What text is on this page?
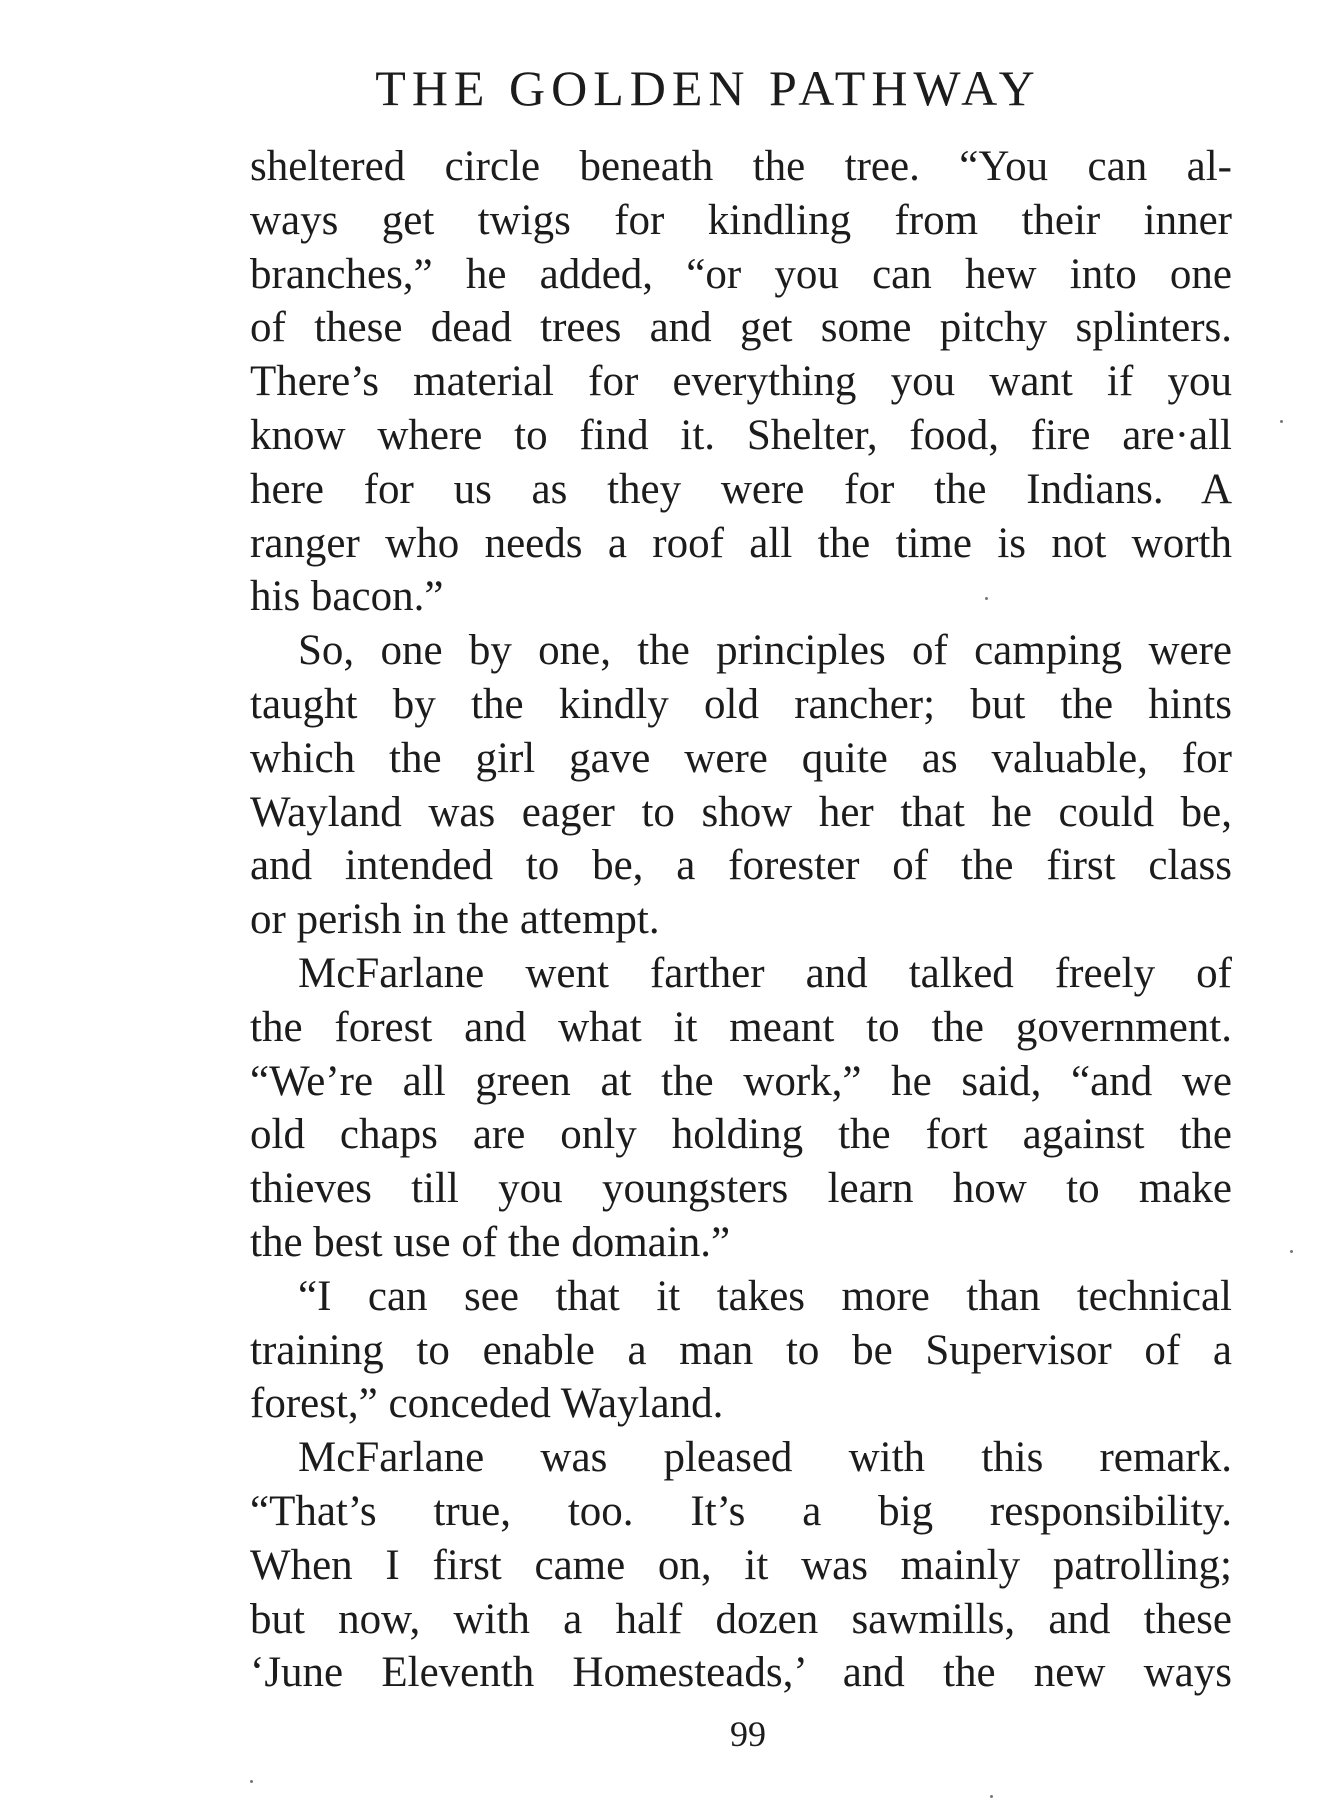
THE GOLDEN PATHWAY
sheltered circle beneath the tree. “You can al-
ways get twigs for kindling from their inner
branches,” he added, “or you can hew into one
of these dead trees and get some pitchy splinters.
There’s material for everything you want if you
know where to find it. Shelter, food, fire are·all
here for us as they were for the Indians. A
ranger who needs a roof all the time is not worth
his bacon.”
So, one by one, the principles of camping were
taught by the kindly old rancher; but the hints
which the girl gave were quite as valuable, for
Wayland was eager to show her that he could be,
and intended to be, a forester of the first class
or perish in the attempt.
McFarlane went farther and talked freely of
the forest and what it meant to the government.
“We’re all green at the work,” he said, “and we
old chaps are only holding the fort against the
thieves till you youngsters learn how to make
the best use of the domain.”
“I can see that it takes more than technical
training to enable a man to be Supervisor of a
forest,” conceded Wayland.
McFarlane was pleased with this remark.
“That’s true, too. It’s a big responsibility.
When I first came on, it was mainly patrolling;
but now, with a half dozen sawmills, and these
‘June Eleventh Homesteads,’ and the new ways
99
